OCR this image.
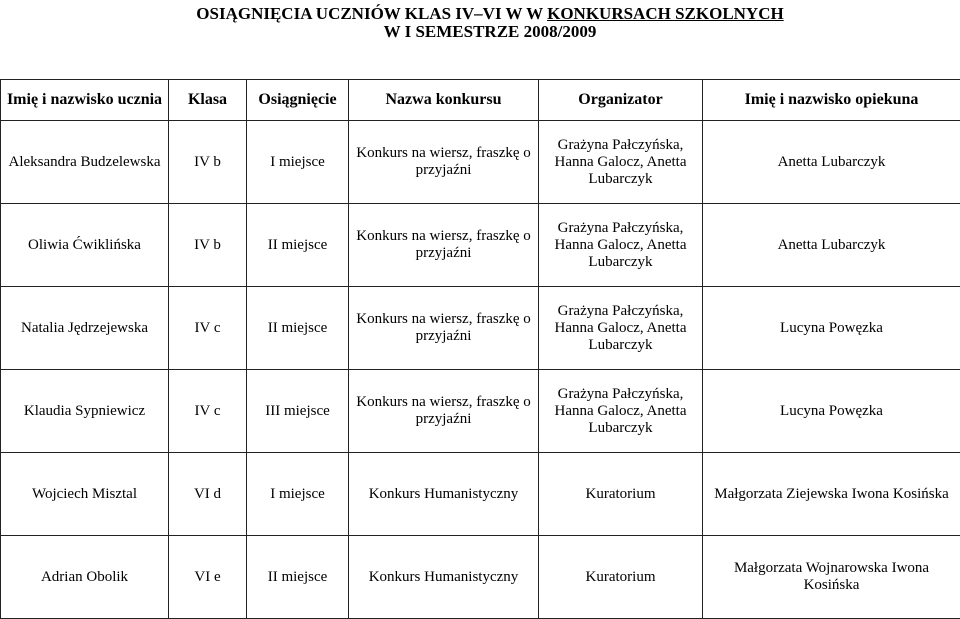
OSIĄGNIĘCIA UCZNIÓW KLAS IV–VI W W KONKURSACH SZKOLNYCH
W I SEMESTRZE 2008/2009
Imię i nazwisko ucznia	Klasa	Osiągnięcie	Nazwa konkursu	Organizator	Imię i nazwisko opiekuna
Aleksandra Budzelewska	IV b	I miejsce	Konkurs na wiersz, fraszkę o przyjaźni	Grażyna Pałczyńska, Hanna Galocz, Anetta Lubarczyk	Anetta Lubarczyk
Oliwia Ćwiklińska	IV b	II miejsce	Konkurs na wiersz, fraszkę o przyjaźni	Grażyna Pałczyńska, Hanna Galocz, Anetta Lubarczyk	Anetta Lubarczyk
Natalia Jędrzejewska	IV c	II miejsce	Konkurs na wiersz, fraszkę o przyjaźni	Grażyna Pałczyńska, Hanna Galocz, Anetta Lubarczyk	Lucyna Powęzka
Klaudia Sypniewicz	IV c	III miejsce	Konkurs na wiersz, fraszkę o przyjaźni	Grażyna Pałczyńska, Hanna Galocz, Anetta Lubarczyk	Lucyna Powęzka
Wojciech Misztal	VI d	I miejsce	Konkurs Humanistyczny	Kuratorium	Małgorzata Ziejewska Iwona Kosińska
Adrian Obolik	VI e	II miejsce	Konkurs Humanistyczny	Kuratorium	Małgorzata Wojnarowska Iwona Kosińska
